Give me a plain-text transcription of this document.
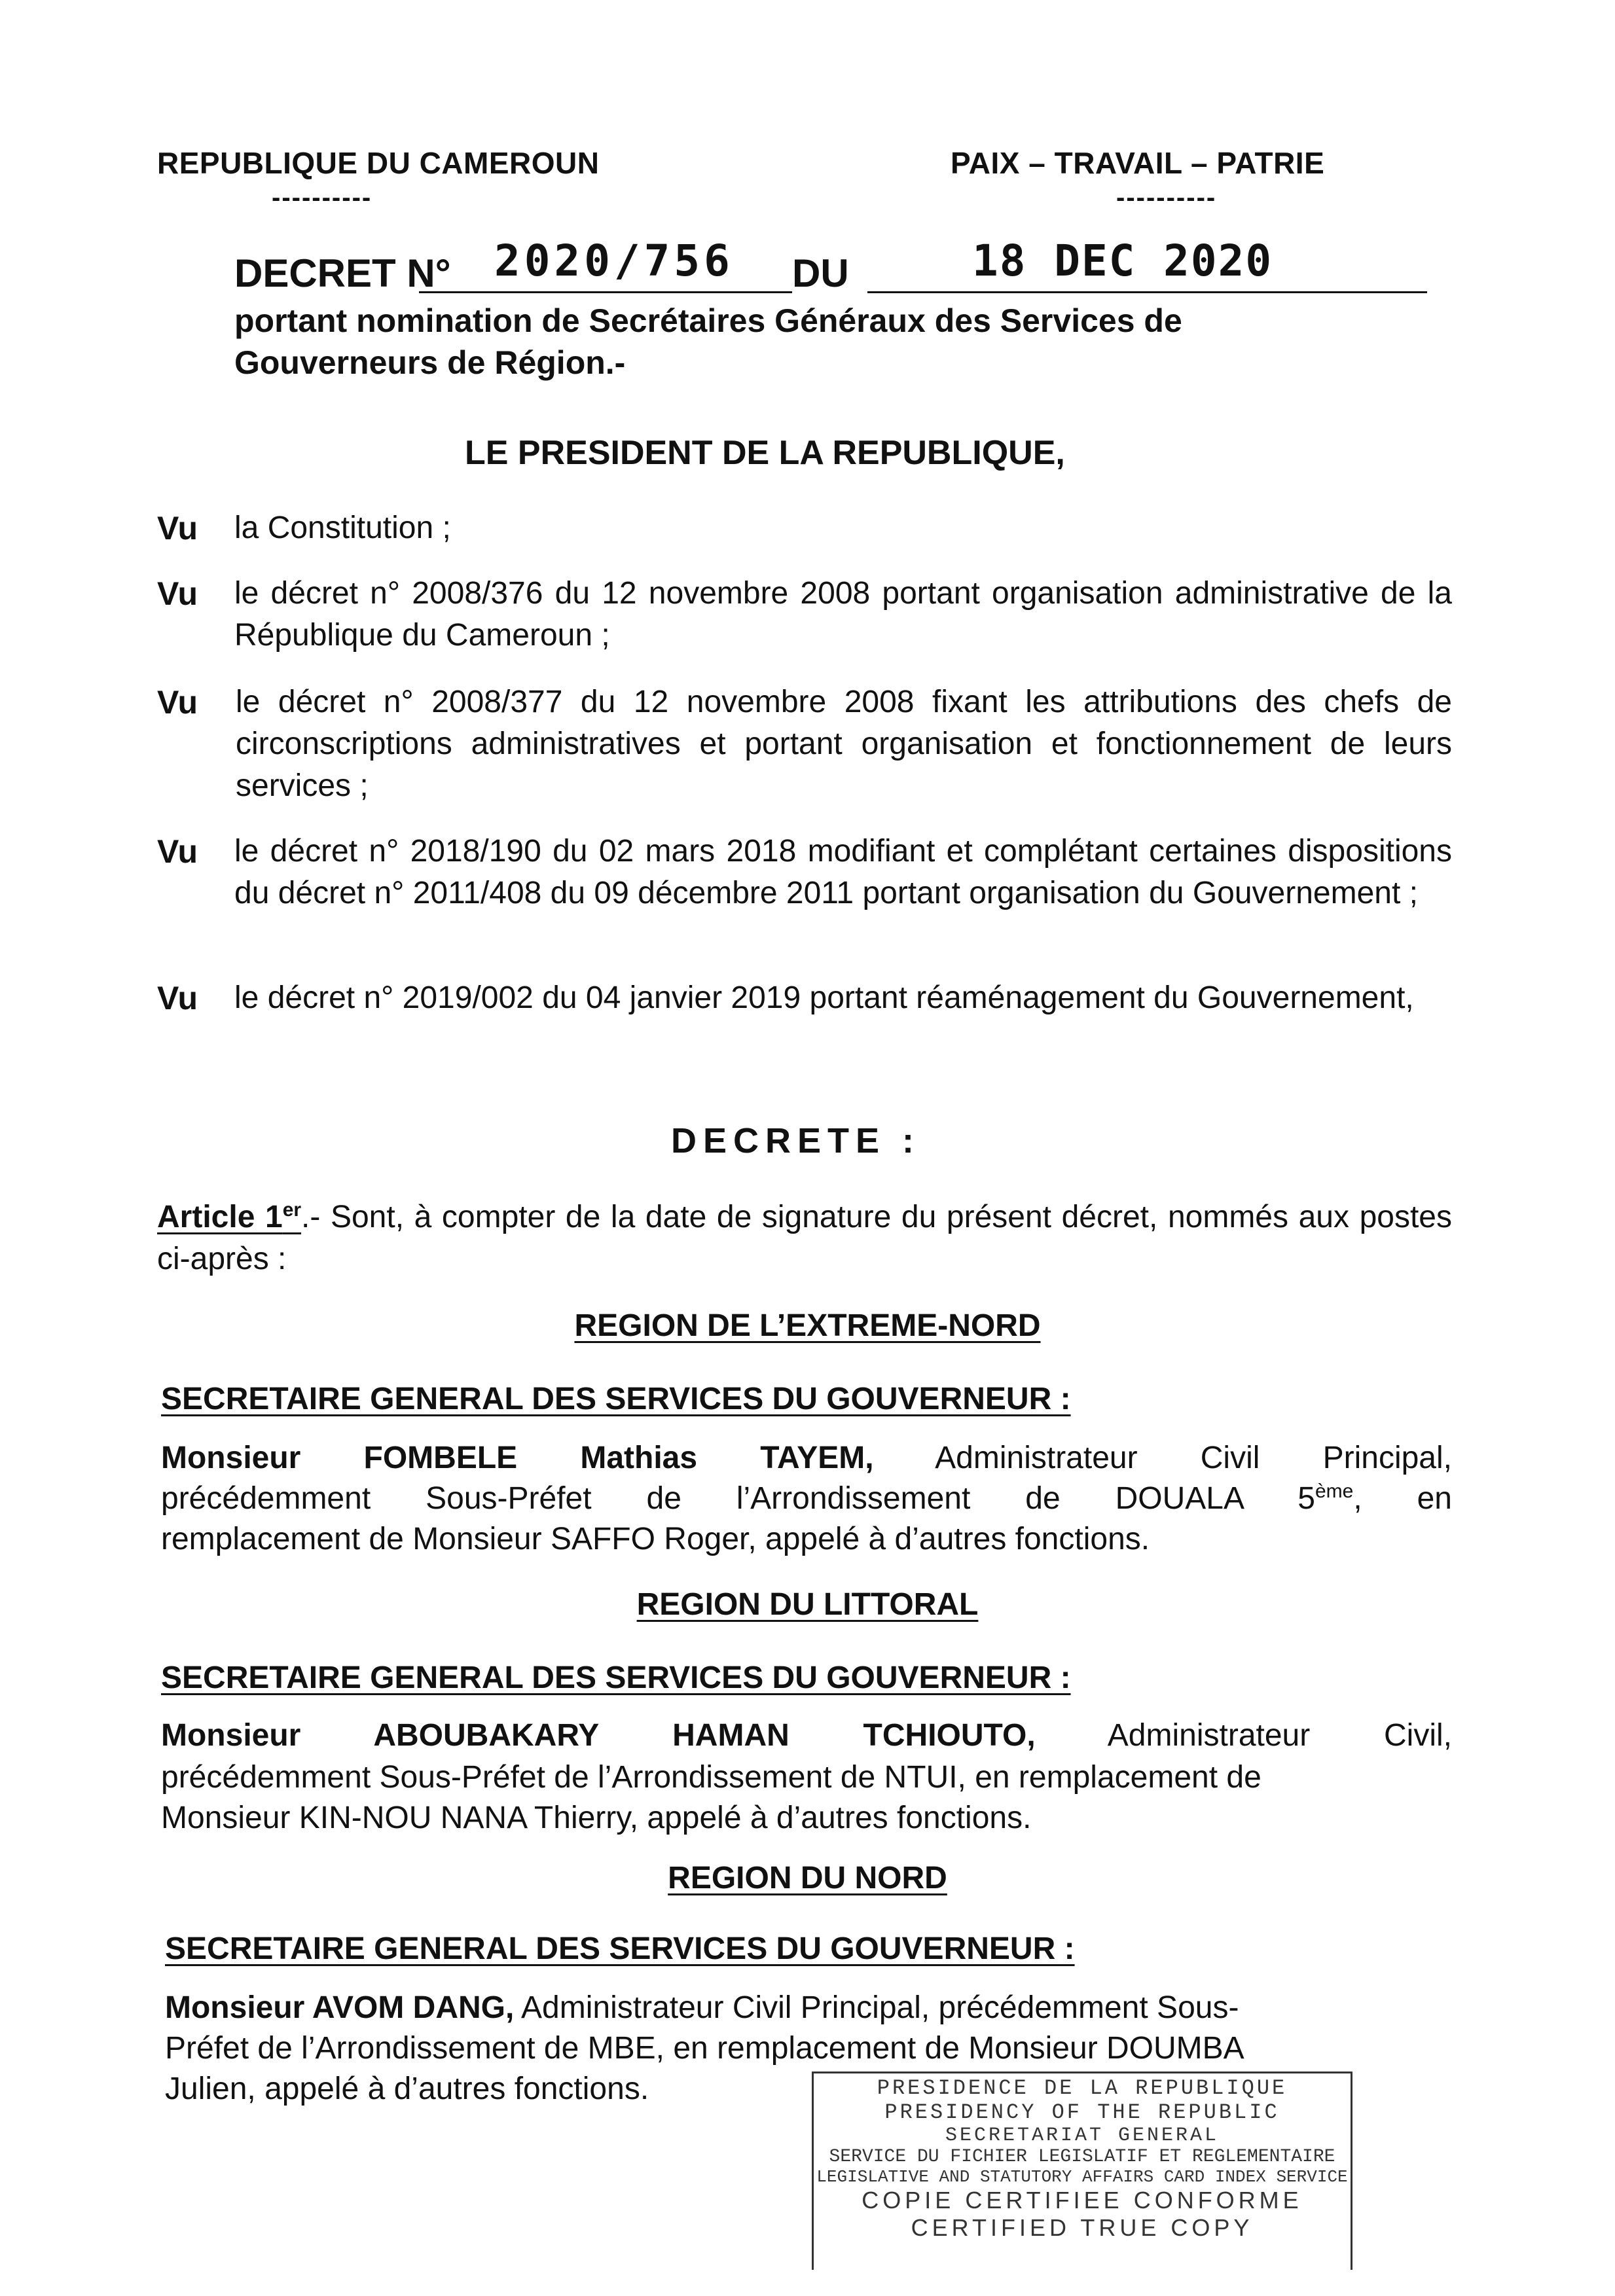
REPUBLIQUE DU CAMEROUN
----------
PAIX – TRAVAIL – PATRIE
----------
DECRET N° 2020/756 DU	18 DEC 2020
portant nomination de Secrétaires Généraux des Services de
Gouverneurs de Région.-
LE PRESIDENT DE LA REPUBLIQUE,
Vu la Constitution ;
Vu le décret n° 2008/376 du 12 novembre 2008 portant organisation administrative de la République du Cameroun ;
Vu le décret n° 2008/377 du 12 novembre 2008 fixant les attributions des chefs de circonscriptions administratives et portant organisation et fonctionnement de leurs services ;
Vu le décret n° 2018/190 du 02 mars 2018 modifiant et complétant certaines dispositions du décret n° 2011/408 du 09 décembre 2011 portant organisation du Gouvernement ;
Vu le décret n° 2019/002 du 04 janvier 2019 portant réaménagement du Gouvernement,
DECRETE :
Article 1er.- Sont, à compter de la date de signature du présent décret, nommés aux postes ci-après :
REGION DE L’EXTREME-NORD
SECRETAIRE GENERAL DES SERVICES DU GOUVERNEUR :
Monsieur FOMBELE Mathias TAYEM, Administrateur Civil Principal,
précédemment Sous-Préfet de l’Arrondissement de DOUALA 5ème, en
remplacement de Monsieur SAFFO Roger, appelé à d’autres fonctions.
REGION DU LITTORAL
SECRETAIRE GENERAL DES SERVICES DU GOUVERNEUR :
Monsieur ABOUBAKARY HAMAN TCHIOUTO, Administrateur Civil,
précédemment Sous-Préfet de l’Arrondissement de NTUI, en remplacement de
Monsieur KIN-NOU NANA Thierry, appelé à d’autres fonctions.
REGION DU NORD
SECRETAIRE GENERAL DES SERVICES DU GOUVERNEUR :
Monsieur AVOM DANG, Administrateur Civil Principal, précédemment Sous-
Préfet de l’Arrondissement de MBE, en remplacement de Monsieur DOUMBA
Julien, appelé à d’autres fonctions.	PRESIDENCE DE LA REPUBLIQUE
PRESIDENCY OF THE REPUBLIC
SECRETARIAT GENERAL
SERVICE DU FICHIER LEGISLATIF ET REGLEMENTAIRE
LEGISLATIVE AND STATUTORY AFFAIRS CARD INDEX SERVICE
COPIE CERTIFIEE CONFORME
CERTIFIED TRUE COPY
